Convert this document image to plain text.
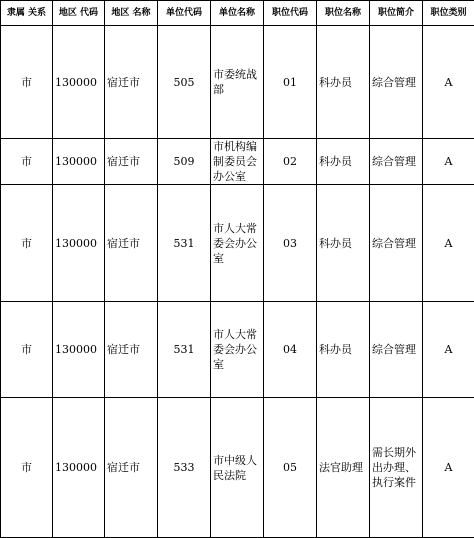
隶属 关系	地区 代码	地区 名称	单位代码	单位名称	职位代码	职位名称	职位简介	职位类别
市	130000	宿迁市	505	市委统战部	01	科办员	综合管理	A
市	130000	宿迁市	509	市机构编制委员会办公室	02	科办员	综合管理	A
市	130000	宿迁市	531	市人大常委会办公室	03	科办员	综合管理	A
市	130000	宿迁市	531	市人大常委会办公室	04	科办员	综合管理	A
市	130000	宿迁市	533	市中级人民法院	05	法官助理	需长期外出办理、执行案件	A
